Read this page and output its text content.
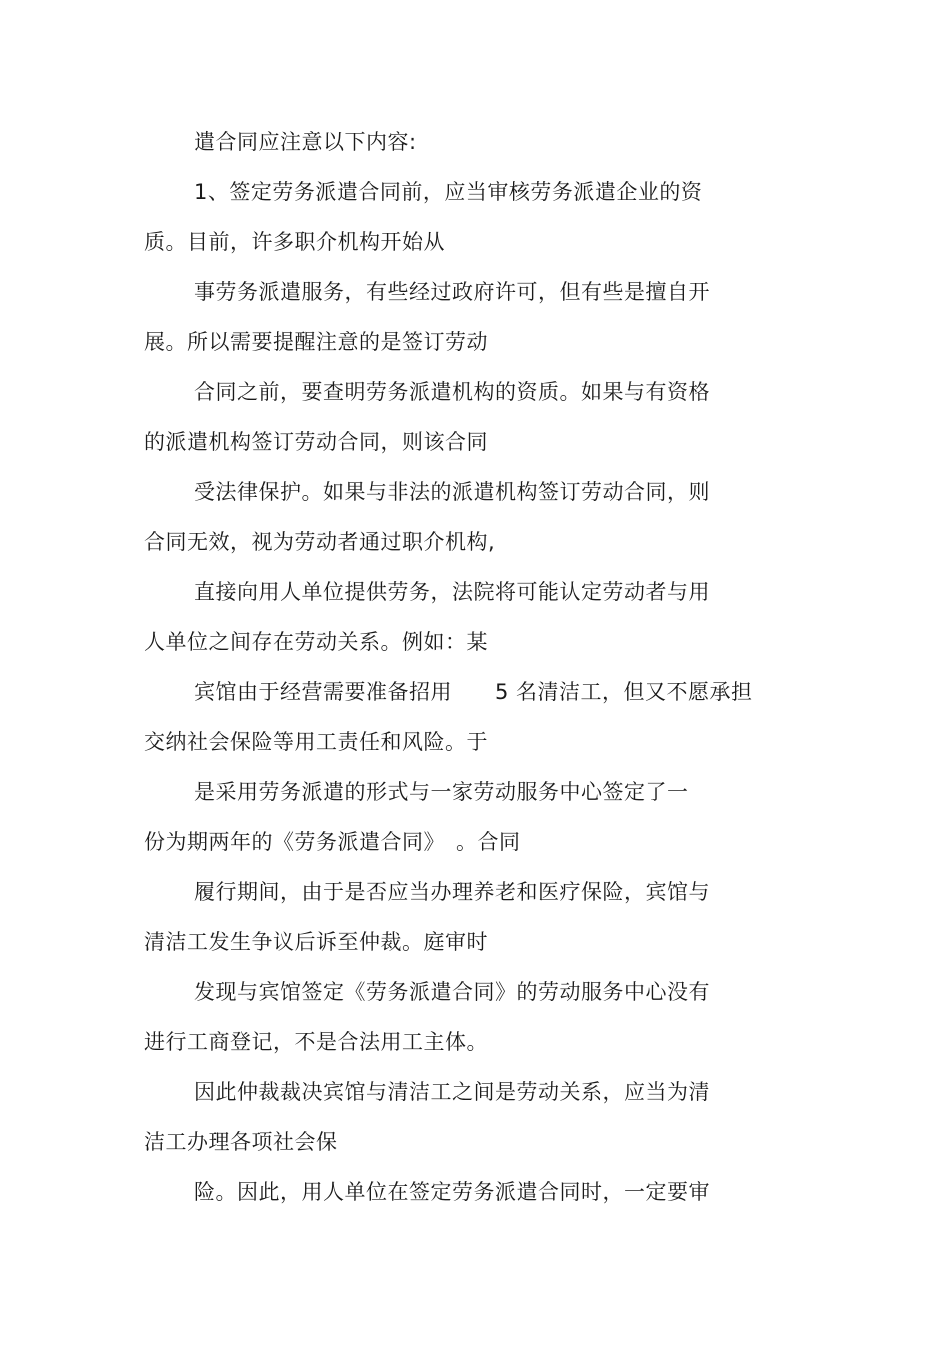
遣合同应注意以下内容:
1、签定劳务派遣合同前，应当审核劳务派遣企业的资
质。目前，许多职介机构开始从
事劳务派遣服务，有些经过政府许可，但有些是擅自开
展。所以需要提醒注意的是签订劳动
合同之前，要查明劳务派遣机构的资质。如果与有资格
的派遣机构签订劳动合同，则该合同
受法律保护。如果与非法的派遣机构签订劳动合同，则
合同无效，视为劳动者通过职介机构,
直接向用人单位提供劳务，法院将可能认定劳动者与用
人单位之间存在劳动关系。例如：某
宾馆由于经营需要准备招用　　5 名清洁工，但又不愿承担
交纳社会保险等用工责任和风险。于
是采用劳务派遣的形式与一家劳动服务中心签定了一
份为期两年的《劳务派遣合同》　。合同
履行期间，由于是否应当办理养老和医疗保险，宾馆与
清洁工发生争议后诉至仲裁。庭审时
发现与宾馆签定《劳务派遣合同》的劳动服务中心没有
进行工商登记，不是合法用工主体。
因此仲裁裁决宾馆与清洁工之间是劳动关系，应当为清
洁工办理各项社会保
险。因此，用人单位在签定劳务派遣合同时，一定要审
